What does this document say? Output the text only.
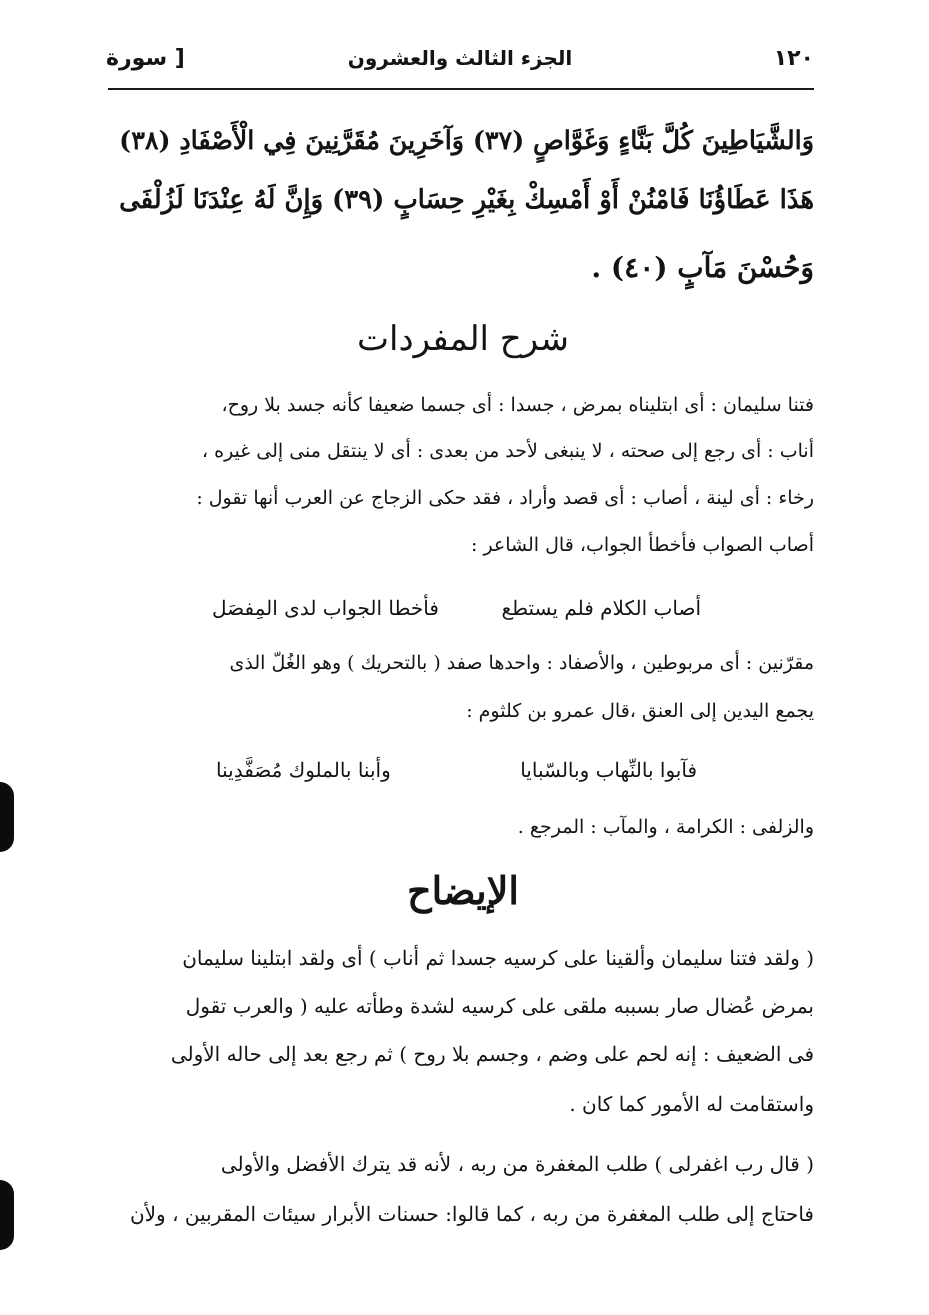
١٢٠
الجزء الثالث والعشرون
[ سورة
وَالشَّيَاطِينَ كُلَّ بَنَّاءٍ وَغَوَّاصٍ (٣٧) وَآخَرِينَ مُقَرَّنِينَ فِي الْأَصْفَادِ (٣٨)
هَذَا عَطَاؤُنَا فَامْنُنْ أَوْ أَمْسِكْ بِغَيْرِ حِسَابٍ (٣٩) وَإِنَّ لَهُ عِنْدَنَا لَزُلْفَى
وَحُسْنَ مَآبٍ (٤٠) .
شرح المفردات
فتنا سليمان : أى ابتليناه بمرض ، جسدا : أى جسما ضعيفا كأنه جسد بلا روح،
أناب : أى رجع إلى صحته ، لا ينبغى لأحد من بعدى : أى لا ينتقل منى إلى غيره ،
رخاء : أى لينة ، أصاب : أى قصد وأراد ، فقد حكى الزجاج عن العرب أنها تقول :
أصاب الصواب فأخطأ الجواب، قال الشاعر :
أصاب الكلام فلم يستطع
فأخطا الجواب لدى المِفصَل
مقرّنين : أى مربوطين ، والأصفاد : واحدها صفد ( بالتحريك ) وهو الغُلّ الذى
يجمع اليدين إلى العنق ،قال عمرو بن كلثوم :
فآبوا بالنِّهاب وبالسّبايا
وأبنا بالملوك مُصَفَّدِينا
والزلفى : الكرامة ، والمآب : المرجع .
الإيضاح
( ولقد فتنا سليمان وألقينا على كرسيه جسدا ثم أناب ) أى ولقد ابتلينا سليمان
بمرض عُضال صار بسببه ملقى على كرسيه لشدة وطأته عليه ( والعرب تقول
فى الضعيف : إنه لحم على وضم ، وجسم بلا روح ) ثم رجع بعد إلى حاله الأولى
واستقامت له الأمور كما كان .
( قال رب اغفرلى ) طلب المغفرة من ربه ، لأنه قد يترك الأفضل والأولى
فاحتاج إلى طلب المغفرة من ربه ، كما قالوا: حسنات الأبرار سيئات المقربين ، ولأن
